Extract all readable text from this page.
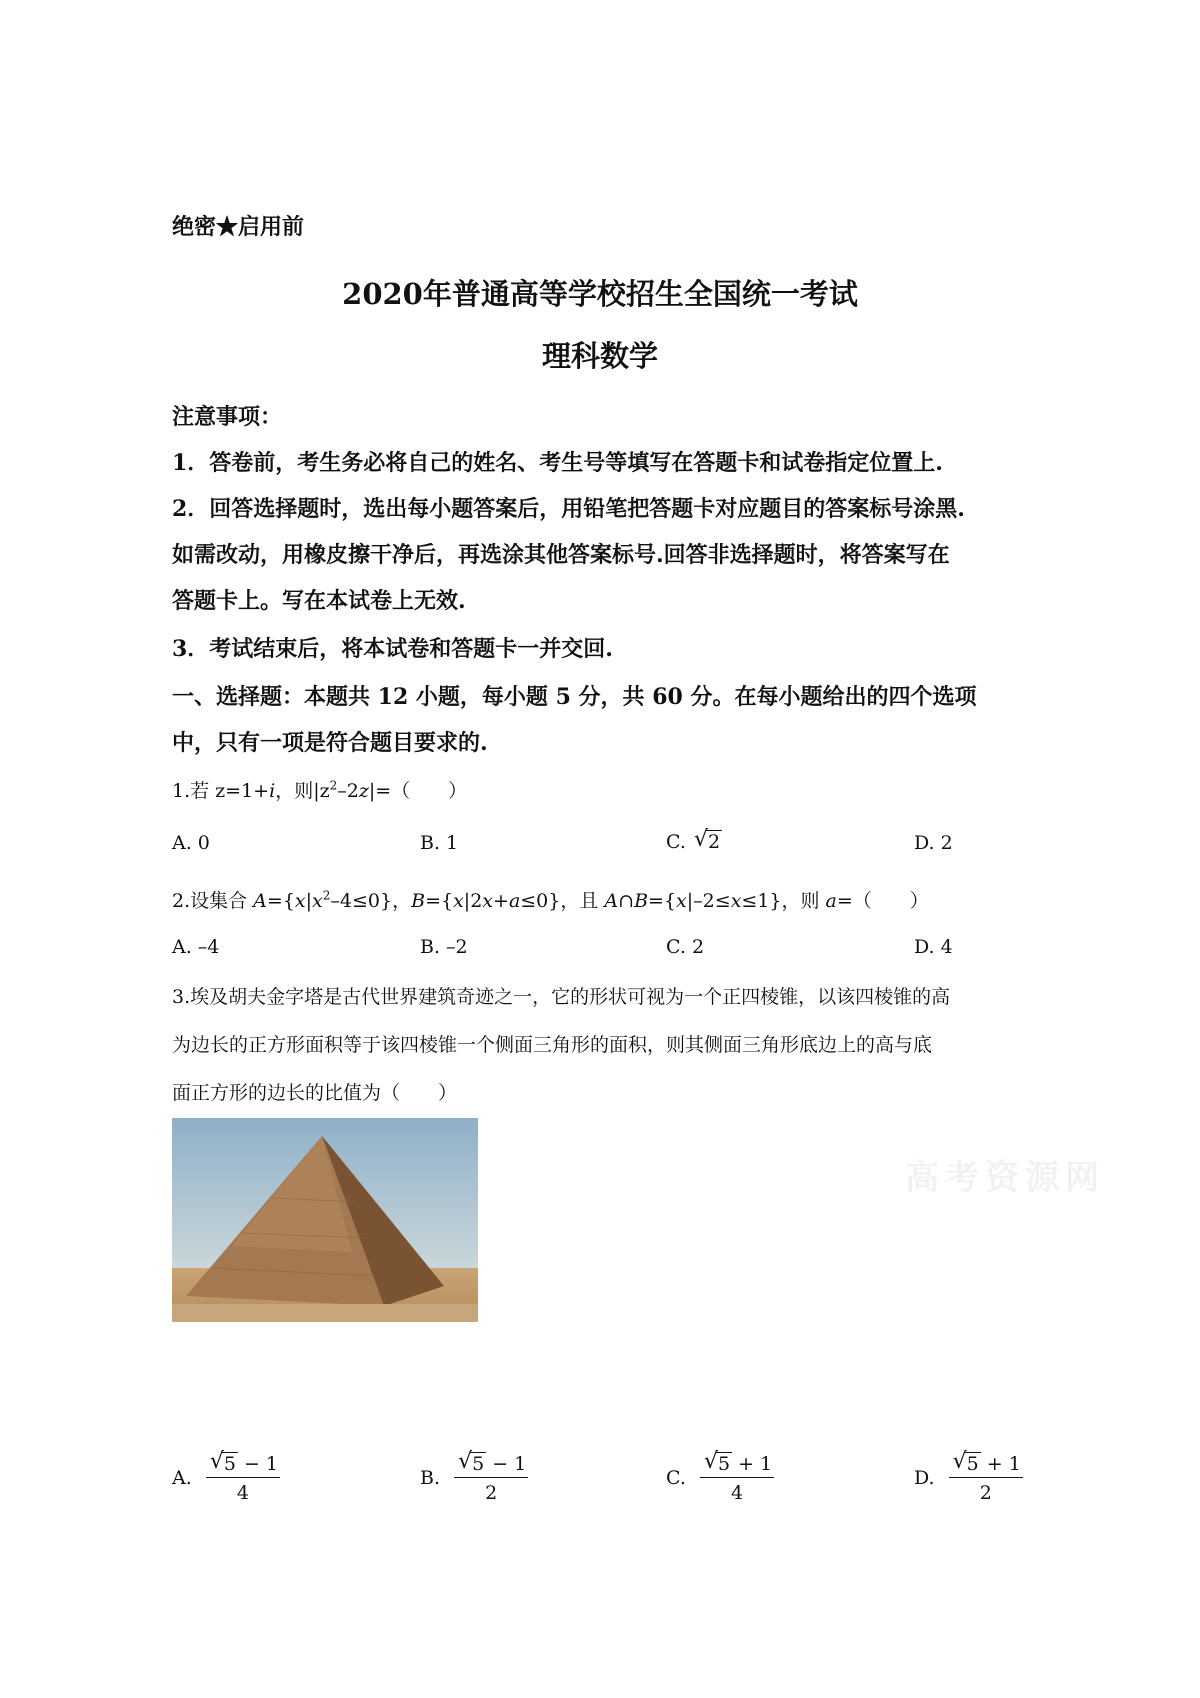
绝密★启用前
2020年普通高等学校招生全国统一考试
理科数学
注意事项：
1．答卷前，考生务必将自己的姓名、考生号等填写在答题卡和试卷指定位置上.
2．回答选择题时，选出每小题答案后，用铅笔把答题卡对应题目的答案标号涂黑.
如需改动，用橡皮擦干净后，再选涂其他答案标号.回答非选择题时，将答案写在
答题卡上。写在本试卷上无效.
3．考试结束后，将本试卷和答题卡一并交回.
一、选择题：本题共 12 小题，每小题 5 分，共 60 分。在每小题给出的四个选项
中，只有一项是符合题目要求的.
1.若 z=1+i，则$|z^2-2z|=$（　　）
A. 0	B. 1	C. √ 2	D. 2
2.设集合 $A=\{x|x^2-4\le 0\}$，B={x|2x+a≤0}，且 A∩B={x|–2≤x≤1}，则 a=（　　）
A. –4	B. –2	C. 2	D. 4
3.埃及胡夫金字塔是古代世界建筑奇迹之一，它的形状可视为一个正四棱锥，以该四棱锥的高
为边长的正方形面积等于该四棱锥一个侧面三角形的面积，则其侧面三角形底边上的高与底
面正方形的边长的比值为（　　）
高考资源网
A. $\frac{√ 5 - 1}{4}$	B. $\frac{√ 5 - 1}{2}$	C. $\frac{√ 5 + 1}{4}$	D. $\frac{√ 5 + 1}{2}$
